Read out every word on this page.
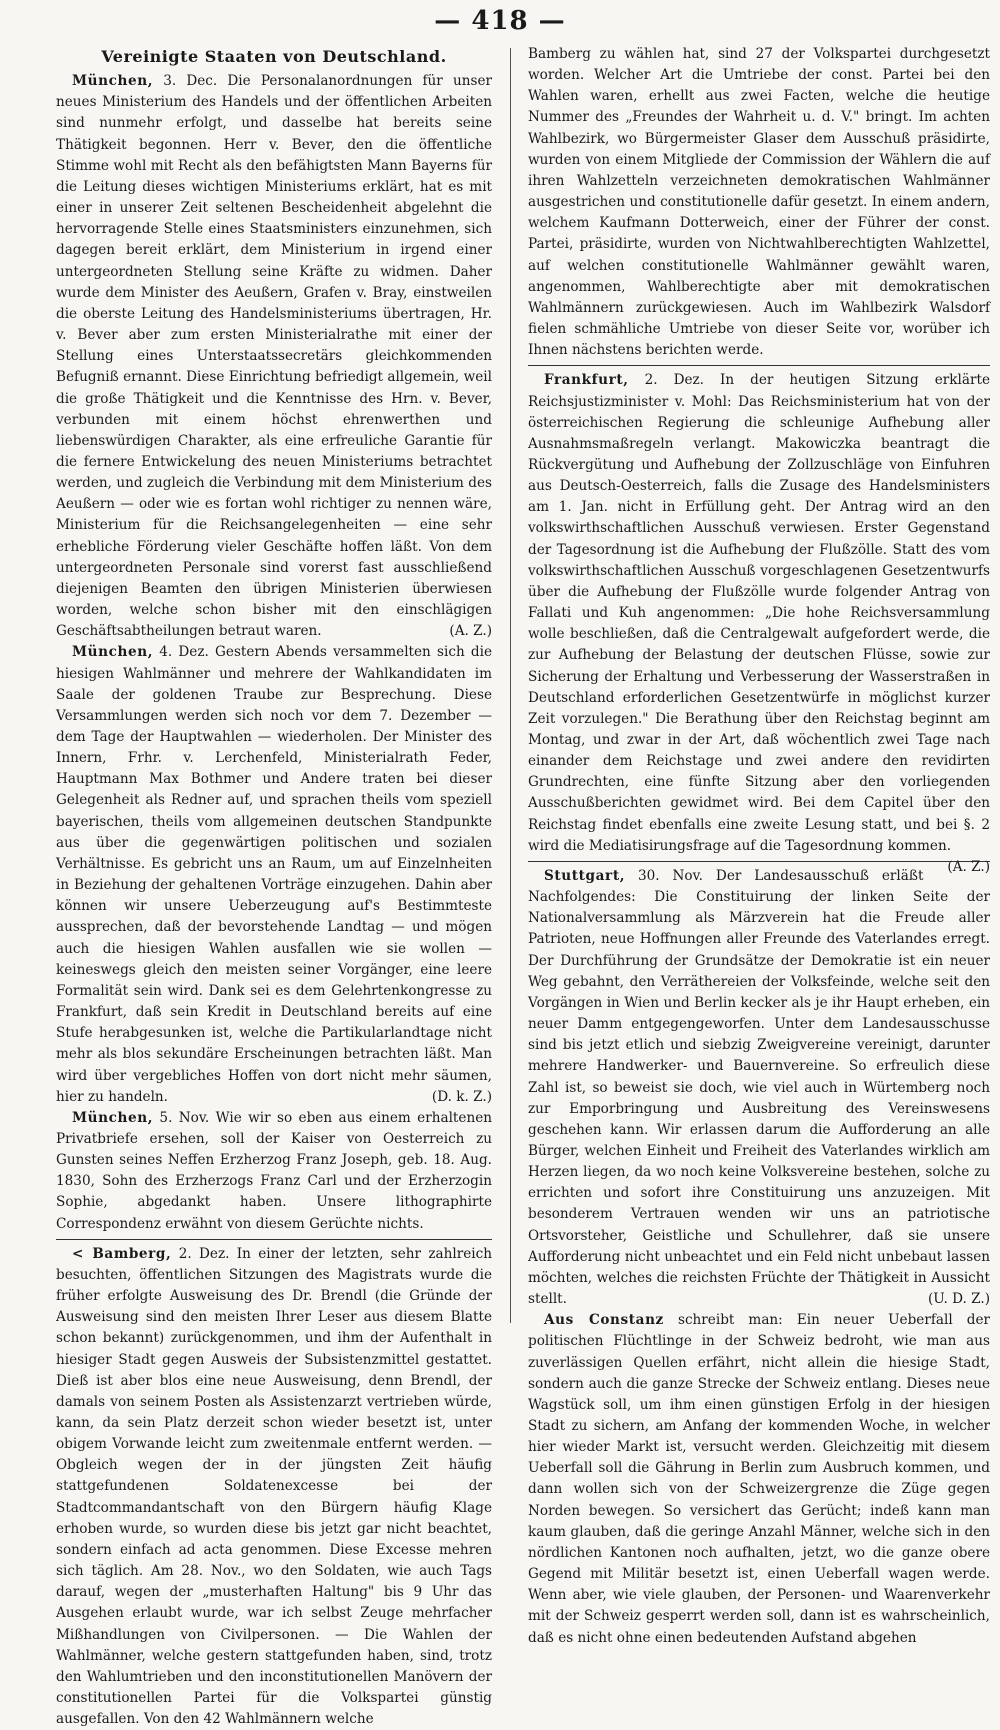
— 418 —
Vereinigte Staaten von Deutschland.

München, 3. Dec. Die Personalanordnungen für unser neues Ministerium des Handels und der öffentlichen Arbeiten sind nunmehr erfolgt, und dasselbe hat bereits seine Thätigkeit begonnen. Herr v. Bever, den die öffentliche Stimme wohl mit Recht als den befähigtsten Mann Bayerns für die Leitung dieses wichtigen Ministeriums erklärt, hat es mit einer in unserer Zeit seltenen Bescheidenheit abgelehnt die hervorragende Stelle eines Staatsministers einzunehmen, sich dagegen bereit erklärt, dem Ministerium in irgend einer untergeordneten Stellung seine Kräfte zu widmen. Daher wurde dem Minister des Aeußern, Grafen v. Bray, einstweilen die oberste Leitung des Handelsministeriums übertragen, Hr. v. Bever aber zum ersten Ministerialrathe mit einer der Stellung eines Unterstaatssecretärs gleichkommenden Befugniß ernannt. Diese Einrichtung befriedigt allgemein, weil die große Thätigkeit und die Kenntnisse des Hrn. v. Bever, verbunden mit einem höchst ehrenwerthen und liebenswürdigen Charakter, als eine erfreuliche Garantie für die fernere Entwickelung des neuen Ministeriums betrachtet werden, und zugleich die Verbindung mit dem Ministerium des Aeußern — oder wie es fortan wohl richtiger zu nennen wäre, Ministerium für die Reichsangelegenheiten — eine sehr erhebliche Förderung vieler Geschäfte hoffen läßt. Von dem untergeordneten Personale sind vorerst fast ausschließend diejenigen Beamten den übrigen Ministerien überwiesen worden, welche schon bisher mit den einschlägigen Geschäftsabtheilungen betraut waren.	(A. Z.)

München, 4. Dez. Gestern Abends versammelten sich die hiesigen Wahlmänner und mehrere der Wahlkandidaten im Saale der goldenen Traube zur Besprechung. Diese Versammlungen werden sich noch vor dem 7. Dezember — dem Tage der Hauptwahlen — wiederholen. Der Minister des Innern, Frhr. v. Lerchenfeld, Ministerialrath Feder, Hauptmann Max Bothmer und Andere traten bei dieser Gelegenheit als Redner auf, und sprachen theils vom speziell bayerischen, theils vom allgemeinen deutschen Standpunkte aus über die gegenwärtigen politischen und sozialen Verhältnisse. Es gebricht uns an Raum, um auf Einzelnheiten in Beziehung der gehaltenen Vorträge einzugehen. Dahin aber können wir unsere Ueberzeugung auf's Bestimmteste aussprechen, daß der bevorstehende Landtag — und mögen auch die hiesigen Wahlen ausfallen wie sie wollen — keineswegs gleich den meisten seiner Vorgänger, eine leere Formalität sein wird. Dank sei es dem Gelehrtenkongresse zu Frankfurt, daß sein Kredit in Deutschland bereits auf eine Stufe herabgesunken ist, welche die Partikularlandtage nicht mehr als blos sekundäre Erscheinungen betrachten läßt. Man wird über vergebliches Hoffen von dort nicht mehr säumen, hier zu handeln.	(D. k. Z.)

München, 5. Nov. Wie wir so eben aus einem erhaltenen Privatbriefe ersehen, soll der Kaiser von Oesterreich zu Gunsten seines Neffen Erzherzog Franz Joseph, geb. 18. Aug. 1830, Sohn des Erzherzogs Franz Carl und der Erzherzogin Sophie, abgedankt haben. Unsere lithographirte Correspondenz erwähnt von diesem Gerüchte nichts.

< Bamberg, 2. Dez. In einer der letzten, sehr zahlreich besuchten, öffentlichen Sitzungen des Magistrats wurde die früher erfolgte Ausweisung des Dr. Brendl (die Gründe der Ausweisung sind den meisten Ihrer Leser aus diesem Blatte schon bekannt) zurückgenommen, und ihm der Aufenthalt in hiesiger Stadt gegen Ausweis der Subsistenzmittel gestattet. Dieß ist aber blos eine neue Ausweisung, denn Brendl, der damals von seinem Posten als Assistenzarzt vertrieben würde, kann, da sein Platz derzeit schon wieder besetzt ist, unter obigem Vorwande leicht zum zweitenmale entfernt werden. — Obgleich wegen der in der jüngsten Zeit häufig stattgefundenen Soldatenexcesse bei der Stadtcommandantschaft von den Bürgern häufig Klage erhoben wurde, so wurden diese bis jetzt gar nicht beachtet, sondern einfach ad acta genommen. Diese Excesse mehren sich täglich. Am 28. Nov., wo den Soldaten, wie auch Tags darauf, wegen der „musterhaften Haltung" bis 9 Uhr das Ausgehen erlaubt wurde, war ich selbst Zeuge mehrfacher Mißhandlungen von Civilpersonen. — Die Wahlen der Wahlmänner, welche gestern stattgefunden haben, sind, trotz den Wahlumtrieben und den inconstitutionellen Manövern der constitutionellen Partei für die Volkspartei günstig ausgefallen. Von den 42 Wahlmännern welche

Bamberg zu wählen hat, sind 27 der Volkspartei durchgesetzt worden. Welcher Art die Umtriebe der const. Partei bei den Wahlen waren, erhellt aus zwei Facten, welche die heutige Nummer des „Freundes der Wahrheit u. d. V." bringt. Im achten Wahlbezirk, wo Bürgermeister Glaser dem Ausschuß präsidirte, wurden von einem Mitgliede der Commission der Wählern die auf ihren Wahlzetteln verzeichneten demokratischen Wahlmänner ausgestrichen und constitutionelle dafür gesetzt. In einem andern, welchem Kaufmann Dotterweich, einer der Führer der const. Partei, präsidirte, wurden von Nichtwahlberechtigten Wahlzettel, auf welchen constitutionelle Wahlmänner gewählt waren, angenommen, Wahlberechtigte aber mit demokratischen Wahlmännern zurückgewiesen. Auch im Wahlbezirk Walsdorf fielen schmähliche Umtriebe von dieser Seite vor, worüber ich Ihnen nächstens berichten werde.

Frankfurt, 2. Dez. In der heutigen Sitzung erklärte Reichsjustizminister v. Mohl: Das Reichsministerium hat von der österreichischen Regierung die schleunige Aufhebung aller Ausnahmsmaßregeln verlangt. Makowiczka beantragt die Rückvergütung und Aufhebung der Zollzuschläge von Einfuhren aus Deutsch-Oesterreich, falls die Zusage des Handelsministers am 1. Jan. nicht in Erfüllung geht. Der Antrag wird an den volkswirthschaftlichen Ausschuß verwiesen. Erster Gegenstand der Tagesordnung ist die Aufhebung der Flußzölle. Statt des vom volkswirthschaftlichen Ausschuß vorgeschlagenen Gesetzentwurfs über die Aufhebung der Flußzölle wurde folgender Antrag von Fallati und Kuh angenommen: „Die hohe Reichsversammlung wolle beschließen, daß die Centralgewalt aufgefordert werde, die zur Aufhebung der Belastung der deutschen Flüsse, sowie zur Sicherung der Erhaltung und Verbesserung der Wasserstraßen in Deutschland erforderlichen Gesetzentwürfe in möglichst kurzer Zeit vorzulegen." Die Berathung über den Reichstag beginnt am Montag, und zwar in der Art, daß wöchentlich zwei Tage nach einander dem Reichstage und zwei andere den revidirten Grundrechten, eine fünfte Sitzung aber den vorliegenden Ausschußberichten gewidmet wird. Bei dem Capitel über den Reichstag findet ebenfalls eine zweite Lesung statt, und bei §. 2 wird die Mediatisirungsfrage auf die Tagesordnung kommen.
(A. Z.)

Stuttgart, 30. Nov. Der Landesausschuß erläßt Nachfolgendes: Die Constituirung der linken Seite der Nationalversammlung als Märzverein hat die Freude aller Patrioten, neue Hoffnungen aller Freunde des Vaterlandes erregt. Der Durchführung der Grundsätze der Demokratie ist ein neuer Weg gebahnt, den Verräthereien der Volksfeinde, welche seit den Vorgängen in Wien und Berlin kecker als je ihr Haupt erheben, ein neuer Damm entgegengeworfen. Unter dem Landesausschusse sind bis jetzt etlich und siebzig Zweigvereine vereinigt, darunter mehrere Handwerker- und Bauernvereine. So erfreulich diese Zahl ist, so beweist sie doch, wie viel auch in Würtemberg noch zur Emporbringung und Ausbreitung des Vereinswesens geschehen kann. Wir erlassen darum die Aufforderung an alle Bürger, welchen Einheit und Freiheit des Vaterlandes wirklich am Herzen liegen, da wo noch keine Volksvereine bestehen, solche zu errichten und sofort ihre Constituirung uns anzuzeigen. Mit besonderem Vertrauen wenden wir uns an patriotische Ortsvorsteher, Geistliche und Schullehrer, daß sie unsere Aufforderung nicht unbeachtet und ein Feld nicht unbebaut lassen möchten, welches die reichsten Früchte der Thätigkeit in Aussicht stellt.	(U. D. Z.)

Aus Constanz schreibt man: Ein neuer Ueberfall der politischen Flüchtlinge in der Schweiz bedroht, wie man aus zuverlässigen Quellen erfährt, nicht allein die hiesige Stadt, sondern auch die ganze Strecke der Schweiz entlang. Dieses neue Wagstück soll, um ihm einen günstigen Erfolg in der hiesigen Stadt zu sichern, am Anfang der kommenden Woche, in welcher hier wieder Markt ist, versucht werden. Gleichzeitig mit diesem Ueberfall soll die Gährung in Berlin zum Ausbruch kommen, und dann wollen sich von der Schweizergrenze die Züge gegen Norden bewegen. So versichert das Gerücht; indeß kann man kaum glauben, daß die geringe Anzahl Männer, welche sich in den nördlichen Kantonen noch aufhalten, jetzt, wo die ganze obere Gegend mit Militär besetzt ist, einen Ueberfall wagen werde. Wenn aber, wie viele glauben, der Personen- und Waarenverkehr mit der Schweiz gesperrt werden soll, dann ist es wahrscheinlich, daß es nicht ohne einen bedeutenden Aufstand abgehen
